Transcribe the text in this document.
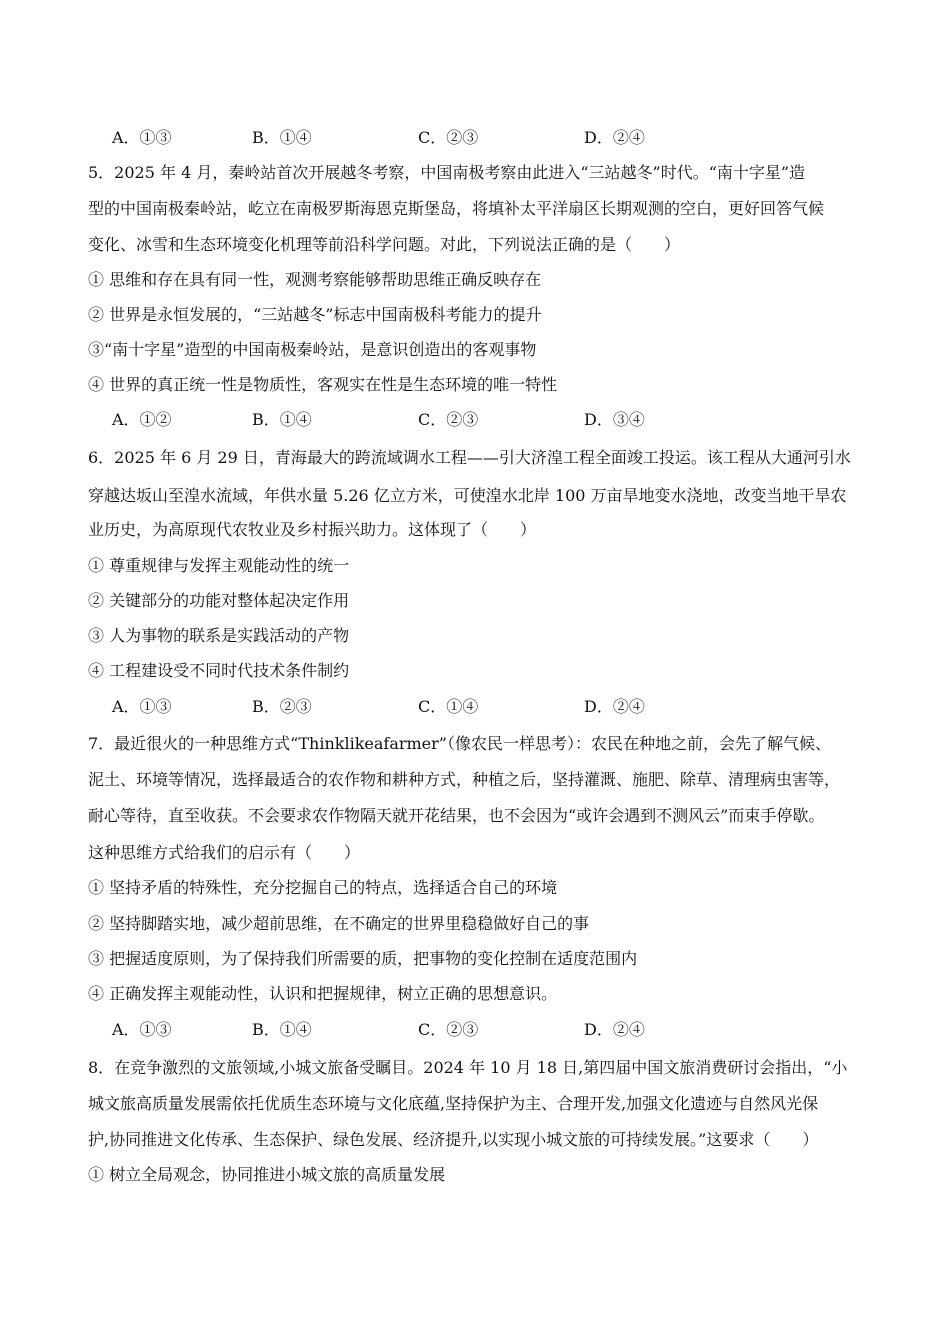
A．①③	B．①④	C．②③	D．②④
5．2025 年 4 月，秦岭站首次开展越冬考察，中国南极考察由此进入“三站越冬”时代。“南十字星”造
型的中国南极秦岭站，屹立在南极罗斯海恩克斯堡岛，将填补太平洋扇区长期观测的空白，更好回答气候
变化、冰雪和生态环境变化机理等前沿科学问题。对此，下列说法正确的是（　　）
① 思维和存在具有同一性，观测考察能够帮助思维正确反映存在
② 世界是永恒发展的，“三站越冬”标志中国南极科考能力的提升
③“南十字星”造型的中国南极秦岭站，是意识创造出的客观事物
④ 世界的真正统一性是物质性，客观实在性是生态环境的唯一特性
A．①②	B．①④	C．②③	D．③④
6．2025 年 6 月 29 日，青海最大的跨流域调水工程——引大济湟工程全面竣工投运。该工程从大通河引水
穿越达坂山至湟水流域，年供水量 5.26 亿立方米，可使湟水北岸 100 万亩旱地变水浇地，改变当地干旱农
业历史，为高原现代农牧业及乡村振兴助力。这体现了（　　）
① 尊重规律与发挥主观能动性的统一
② 关键部分的功能对整体起决定作用
③ 人为事物的联系是实践活动的产物
④ 工程建设受不同时代技术条件制约
A．①③	B．②③	C．①④	D．②④
7．最近很火的一种思维方式“Thinklikeafarmer”（像农民一样思考）：农民在种地之前，会先了解气候、
泥土、环境等情况，选择最适合的农作物和耕种方式，种植之后，坚持灌溉、施肥、除草、清理病虫害等，
耐心等待，直至收获。不会要求农作物隔天就开花结果，也不会因为“或许会遇到不测风云”而束手停歇。
这种思维方式给我们的启示有（　　）
① 坚持矛盾的特殊性，充分挖掘自己的特点，选择适合自己的环境
② 坚持脚踏实地，减少超前思维，在不确定的世界里稳稳做好自己的事
③ 把握适度原则，为了保持我们所需要的质，把事物的变化控制在适度范围内
④ 正确发挥主观能动性，认识和把握规律，树立正确的思想意识。
A．①③	B．①④	C．②③	D．②④
8．在竞争激烈的文旅领域,小城文旅备受瞩目。2024 年 10 月 18 日,第四届中国文旅消费研讨会指出，“小
城文旅高质量发展需依托优质生态环境与文化底蕴,坚持保护为主、合理开发,加强文化遗迹与自然风光保
护,协同推进文化传承、生态保护、绿色发展、经济提升,以实现小城文旅的可持续发展。”这要求（　　）
① 树立全局观念，协同推进小城文旅的高质量发展
